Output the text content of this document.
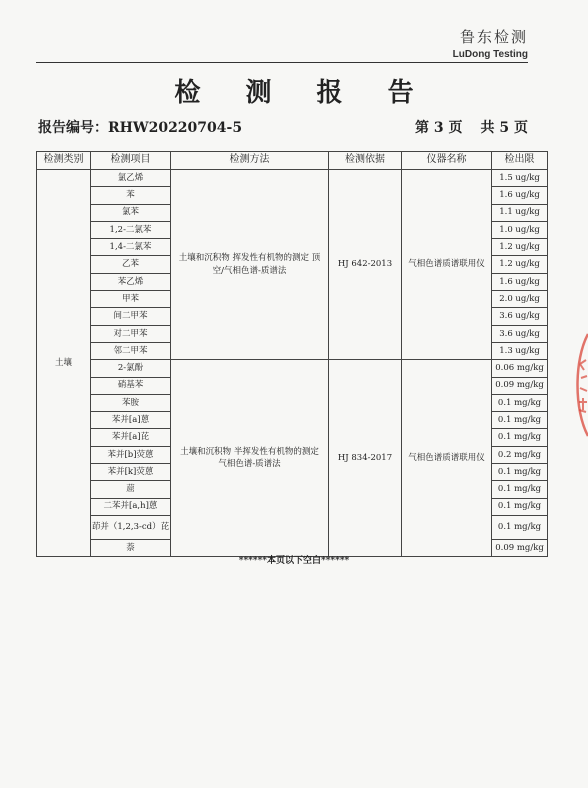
鲁东检测
LuDong Testing
检 测 报 告
报告编号：RHW20220704-5	第 3 页 共 5 页
检测类别	检测项目	检测方法	检测依据	仪器名称	检出限
土壤	氯乙烯	土壤和沉积物 挥发性有机物的测定 顶空/气相色谱-质谱法	HJ 642-2013	气相色谱质谱联用仪	1.5 ug/kg
	苯				1.6 ug/kg
	氯苯				1.1 ug/kg
	1,2-二氯苯				1.0 ug/kg
	1,4-二氯苯				1.2 ug/kg
	乙苯				1.2 ug/kg
	苯乙烯				1.6 ug/kg
	甲苯				2.0 ug/kg
	间二甲苯				3.6 ug/kg
	对二甲苯				3.6 ug/kg
	邻二甲苯				1.3 ug/kg
	2-氯酚	土壤和沉积物 半挥发性有机物的测定 气相色谱-质谱法	HJ 834-2017	气相色谱质谱联用仪	0.06 mg/kg
	硝基苯				0.09 mg/kg
	苯胺				0.1 mg/kg
	苯并[a]蒽				0.1 mg/kg
	苯并[a]芘				0.1 mg/kg
	苯并[b]荧蒽				0.2 mg/kg
	苯并[k]荧蒽				0.1 mg/kg
	䓛				0.1 mg/kg
	二苯并[a,h]蒽				0.1 mg/kg
	茚并（1,2,3-cd）芘				0.1 mg/kg
	萘				0.09 mg/kg
******本页以下空白******
